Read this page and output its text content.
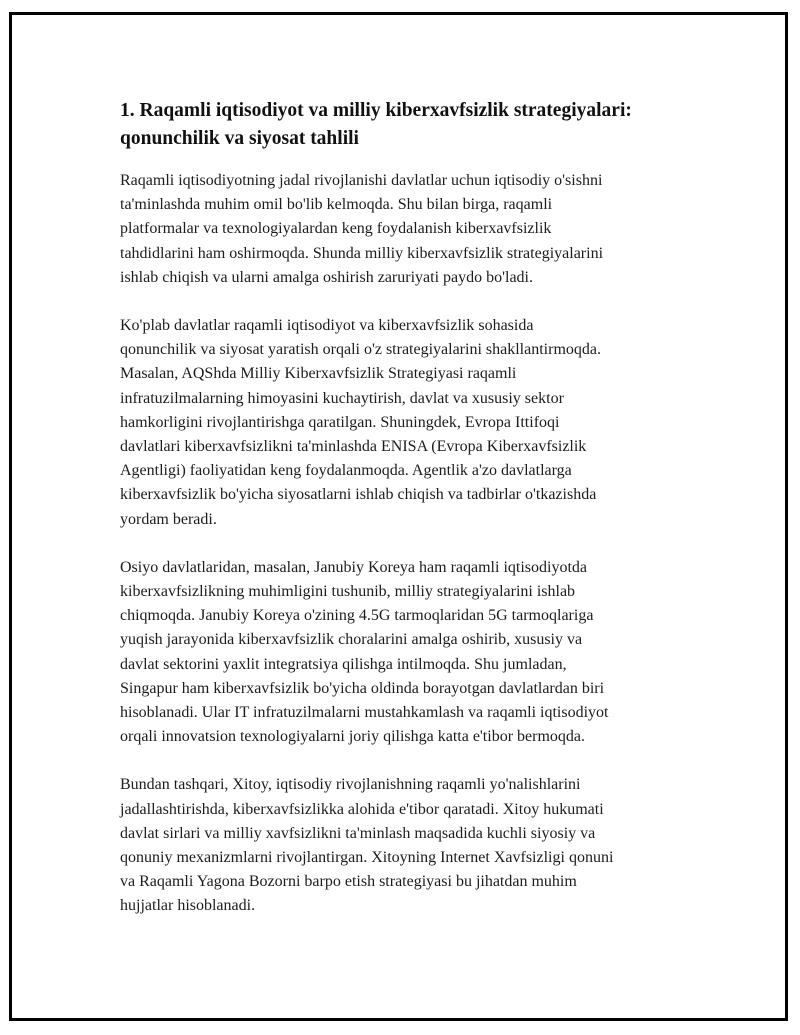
1. Raqamli iqtisodiyot va milliy kiberxavfsizlik strategiyalari:
qonunchilik va siyosat tahlili

Raqamli iqtisodiyotning jadal rivojlanishi davlatlar uchun iqtisodiy o'sishni
ta'minlashda muhim omil bo'lib kelmoqda. Shu bilan birga, raqamli
platformalar va texnologiyalardan keng foydalanish kiberxavfsizlik
tahdidlarini ham oshirmoqda. Shunda milliy kiberxavfsizlik strategiyalarini
ishlab chiqish va ularni amalga oshirish zaruriyati paydo bo'ladi.

Ko'plab davlatlar raqamli iqtisodiyot va kiberxavfsizlik sohasida
qonunchilik va siyosat yaratish orqali o'z strategiyalarini shakllantirmoqda.
Masalan, AQShda Milliy Kiberxavfsizlik Strategiyasi raqamli
infratuzilmalarning himoyasini kuchaytirish, davlat va xususiy sektor
hamkorligini rivojlantirishga qaratilgan. Shuningdek, Evropa Ittifoqi
davlatlari kiberxavfsizlikni ta'minlashda ENISA (Evropa Kiberxavfsizlik
Agentligi) faoliyatidan keng foydalanmoqda. Agentlik a'zo davlatlarga
kiberxavfsizlik bo'yicha siyosatlarni ishlab chiqish va tadbirlar o'tkazishda
yordam beradi.

Osiyo davlatlaridan, masalan, Janubiy Koreya ham raqamli iqtisodiyotda
kiberxavfsizlikning muhimligini tushunib, milliy strategiyalarini ishlab
chiqmoqda. Janubiy Koreya o'zining 4.5G tarmoqlaridan 5G tarmoqlariga
yuqish jarayonida kiberxavfsizlik choralarini amalga oshirib, xususiy va
davlat sektorini yaxlit integratsiya qilishga intilmoqda. Shu jumladan,
Singapur ham kiberxavfsizlik bo'yicha oldinda borayotgan davlatlardan biri
hisoblanadi. Ular IT infratuzilmalarni mustahkamlash va raqamli iqtisodiyot
orqali innovatsion texnologiyalarni joriy qilishga katta e'tibor bermoqda.

Bundan tashqari, Xitoy, iqtisodiy rivojlanishning raqamli yo'nalishlarini
jadallashtirishda, kiberxavfsizlikka alohida e'tibor qaratadi. Xitoy hukumati
davlat sirlari va milliy xavfsizlikni ta'minlash maqsadida kuchli siyosiy va
qonuniy mexanizmlarni rivojlantirgan. Xitoyning Internet Xavfsizligi qonuni
va Raqamli Yagona Bozorni barpo etish strategiyasi bu jihatdan muhim
hujjatlar hisoblanadi.
